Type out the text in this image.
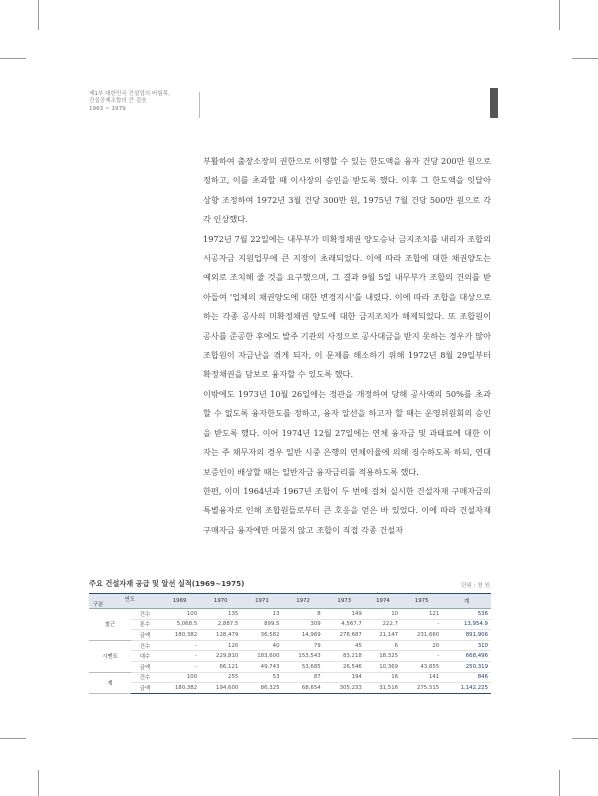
제1부 대한민국 건설업의 버팀목,
건설공제조합의 큰 걸음
1963 ~ 1979

부활하여 출장소장의 권한으로 이행할 수 있는 한도액을 융자 건당 200만 원으로 정하고, 이를 초과할 때 이사장의 승인을 받도록 했다. 이후 그 한도액을 잇달아 상향 조정하여 1972년 3월 건당 300만 원, 1975년 7월 건당 500만 원으로 각각 인상했다.

1972년 7월 22일에는 내무부가 미확정채권 양도승낙 금지조치를 내리자 조합의 시공자금 지원업무에 큰 지장이 초래되었다. 이에 따라 조합에 대한 채권양도는 예외로 조치해 줄 것을 요구했으며, 그 결과 9월 5일 내무부가 조합의 건의를 받아들여 '업체의 채권양도에 대한 변경지시'를 내렸다. 이에 따라 조합을 대상으로 하는 각종 공사의 미확정채권 양도에 대한 금지조치가 해제되었다. 또 조합원이 공사를 준공한 후에도 발주 기관의 사정으로 공사대금을 받지 못하는 경우가 많아 조합원이 자금난을 겪게 되자, 이 문제를 해소하기 위해 1972년 8월 29일부터 확정채권을 담보로 융자할 수 있도록 했다.

이밖에도 1973년 10월 26일에는 정관을 개정하여 당해 공사액의 50%를 초과할 수 없도록 융자한도를 정하고, 융자 알선을 하고자 할 때는 운영위원회의 승인을 받도록 했다. 이어 1974년 12월 27일에는 연체 융자금 및 과태료에 대한 이자는 주 채무자의 경우 일반 시중 은행의 연체이율에 의해 징수하도록 하되, 연대보증인이 배상할 때는 일반자금 융자금리를 적용하도록 했다.

한편, 이미 1964년과 1967년 조합이 두 번에 걸쳐 실시한 건설자재 구매자금의 특별융자로 인해 조합원들로부터 큰 호응을 얻은 바 있었다. 이에 따라 건설자재 구매자금 융자에만 머물지 않고 조합이 직접 각종 건설자

주요 건설자재 공급 및 알선 실적(1969~1975)	단위 : 천 원
연도
구분		1969	1970	1971	1972	1973	1974	1975	계
철근	건수	100	135	13	8	149	10	121	536
	톤수	5,068.5	2,887.5	899.5	309	4,567.7	222.7	-	13,954.9
	금액	180,382	128,479	36,582	14,969	278,687	21,147	231,660	891,906
시멘트	건수	-	120	40	79	45	6	20	310
	대수	-	229,810	183,600	153,543	83,218	18,325	-	668,496
	금액	-	66,121	49,743	53,685	26,546	10,369	43,855	250,319
계	건수	100	255	53	87	194	16	141	846
	금액	180,382	194,600	86,325	68,654	305,233	31,516	275,515	1,142,225
